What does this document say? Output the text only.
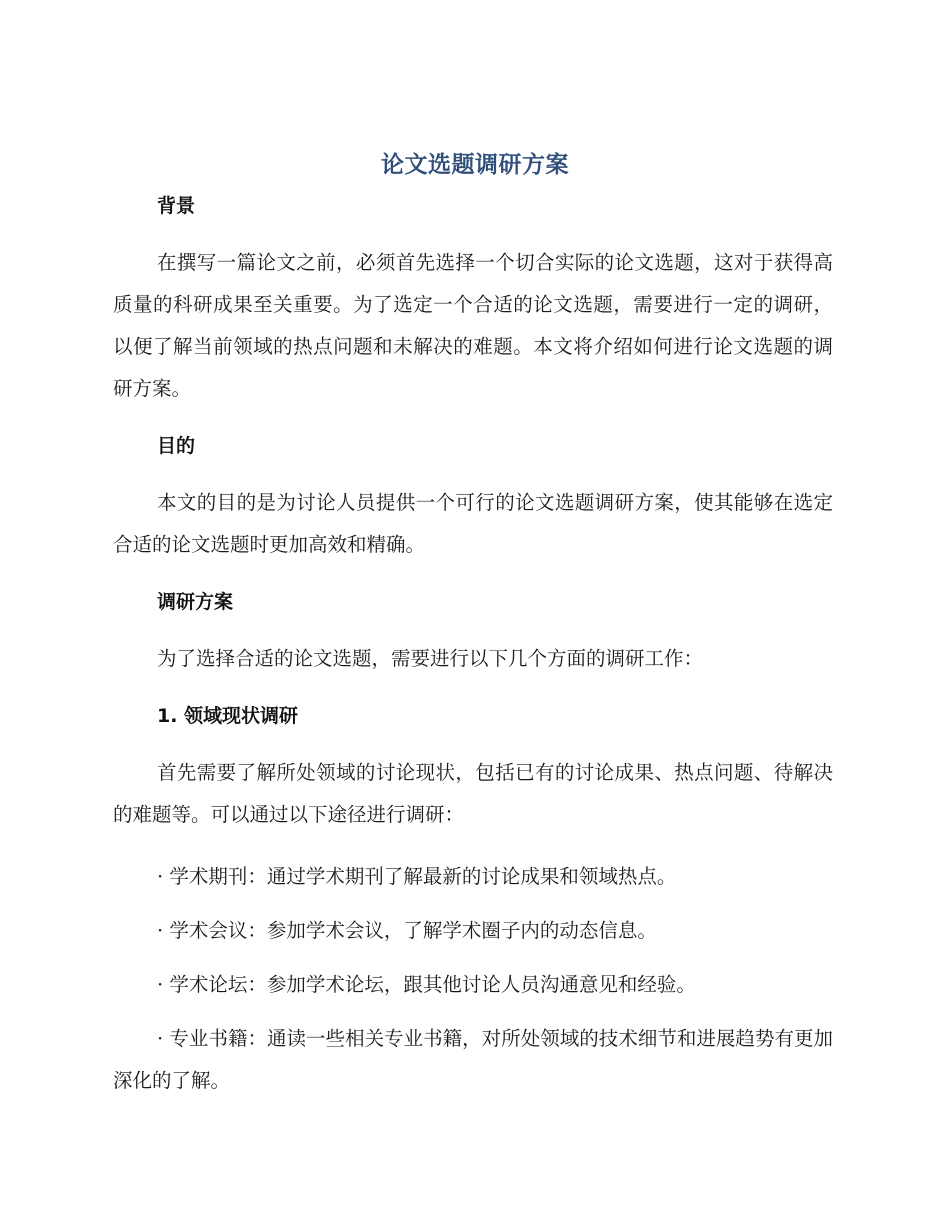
论文选题调研方案
背景

在撰写一篇论文之前，必须首先选择一个切合实际的论文选题，这对于获得高质量的科研成果至关重要。为了选定一个合适的论文选题，需要进行一定的调研，以便了解当前领域的热点问题和未解决的难题。本文将介绍如何进行论文选题的调研方案。

目的

本文的目的是为讨论人员提供一个可行的论文选题调研方案，使其能够在选定合适的论文选题时更加高效和精确。

调研方案

为了选择合适的论文选题，需要进行以下几个方面的调研工作：

1. 领域现状调研

首先需要了解所处领域的讨论现状，包括已有的讨论成果、热点问题、待解决的难题等。可以通过以下途径进行调研：

· 学术期刊：通过学术期刊了解最新的讨论成果和领域热点。

· 学术会议：参加学术会议，了解学术圈子内的动态信息。

· 学术论坛：参加学术论坛，跟其他讨论人员沟通意见和经验。

· 专业书籍：通读一些相关专业书籍，对所处领域的技术细节和进展趋势有更加深化的了解。
